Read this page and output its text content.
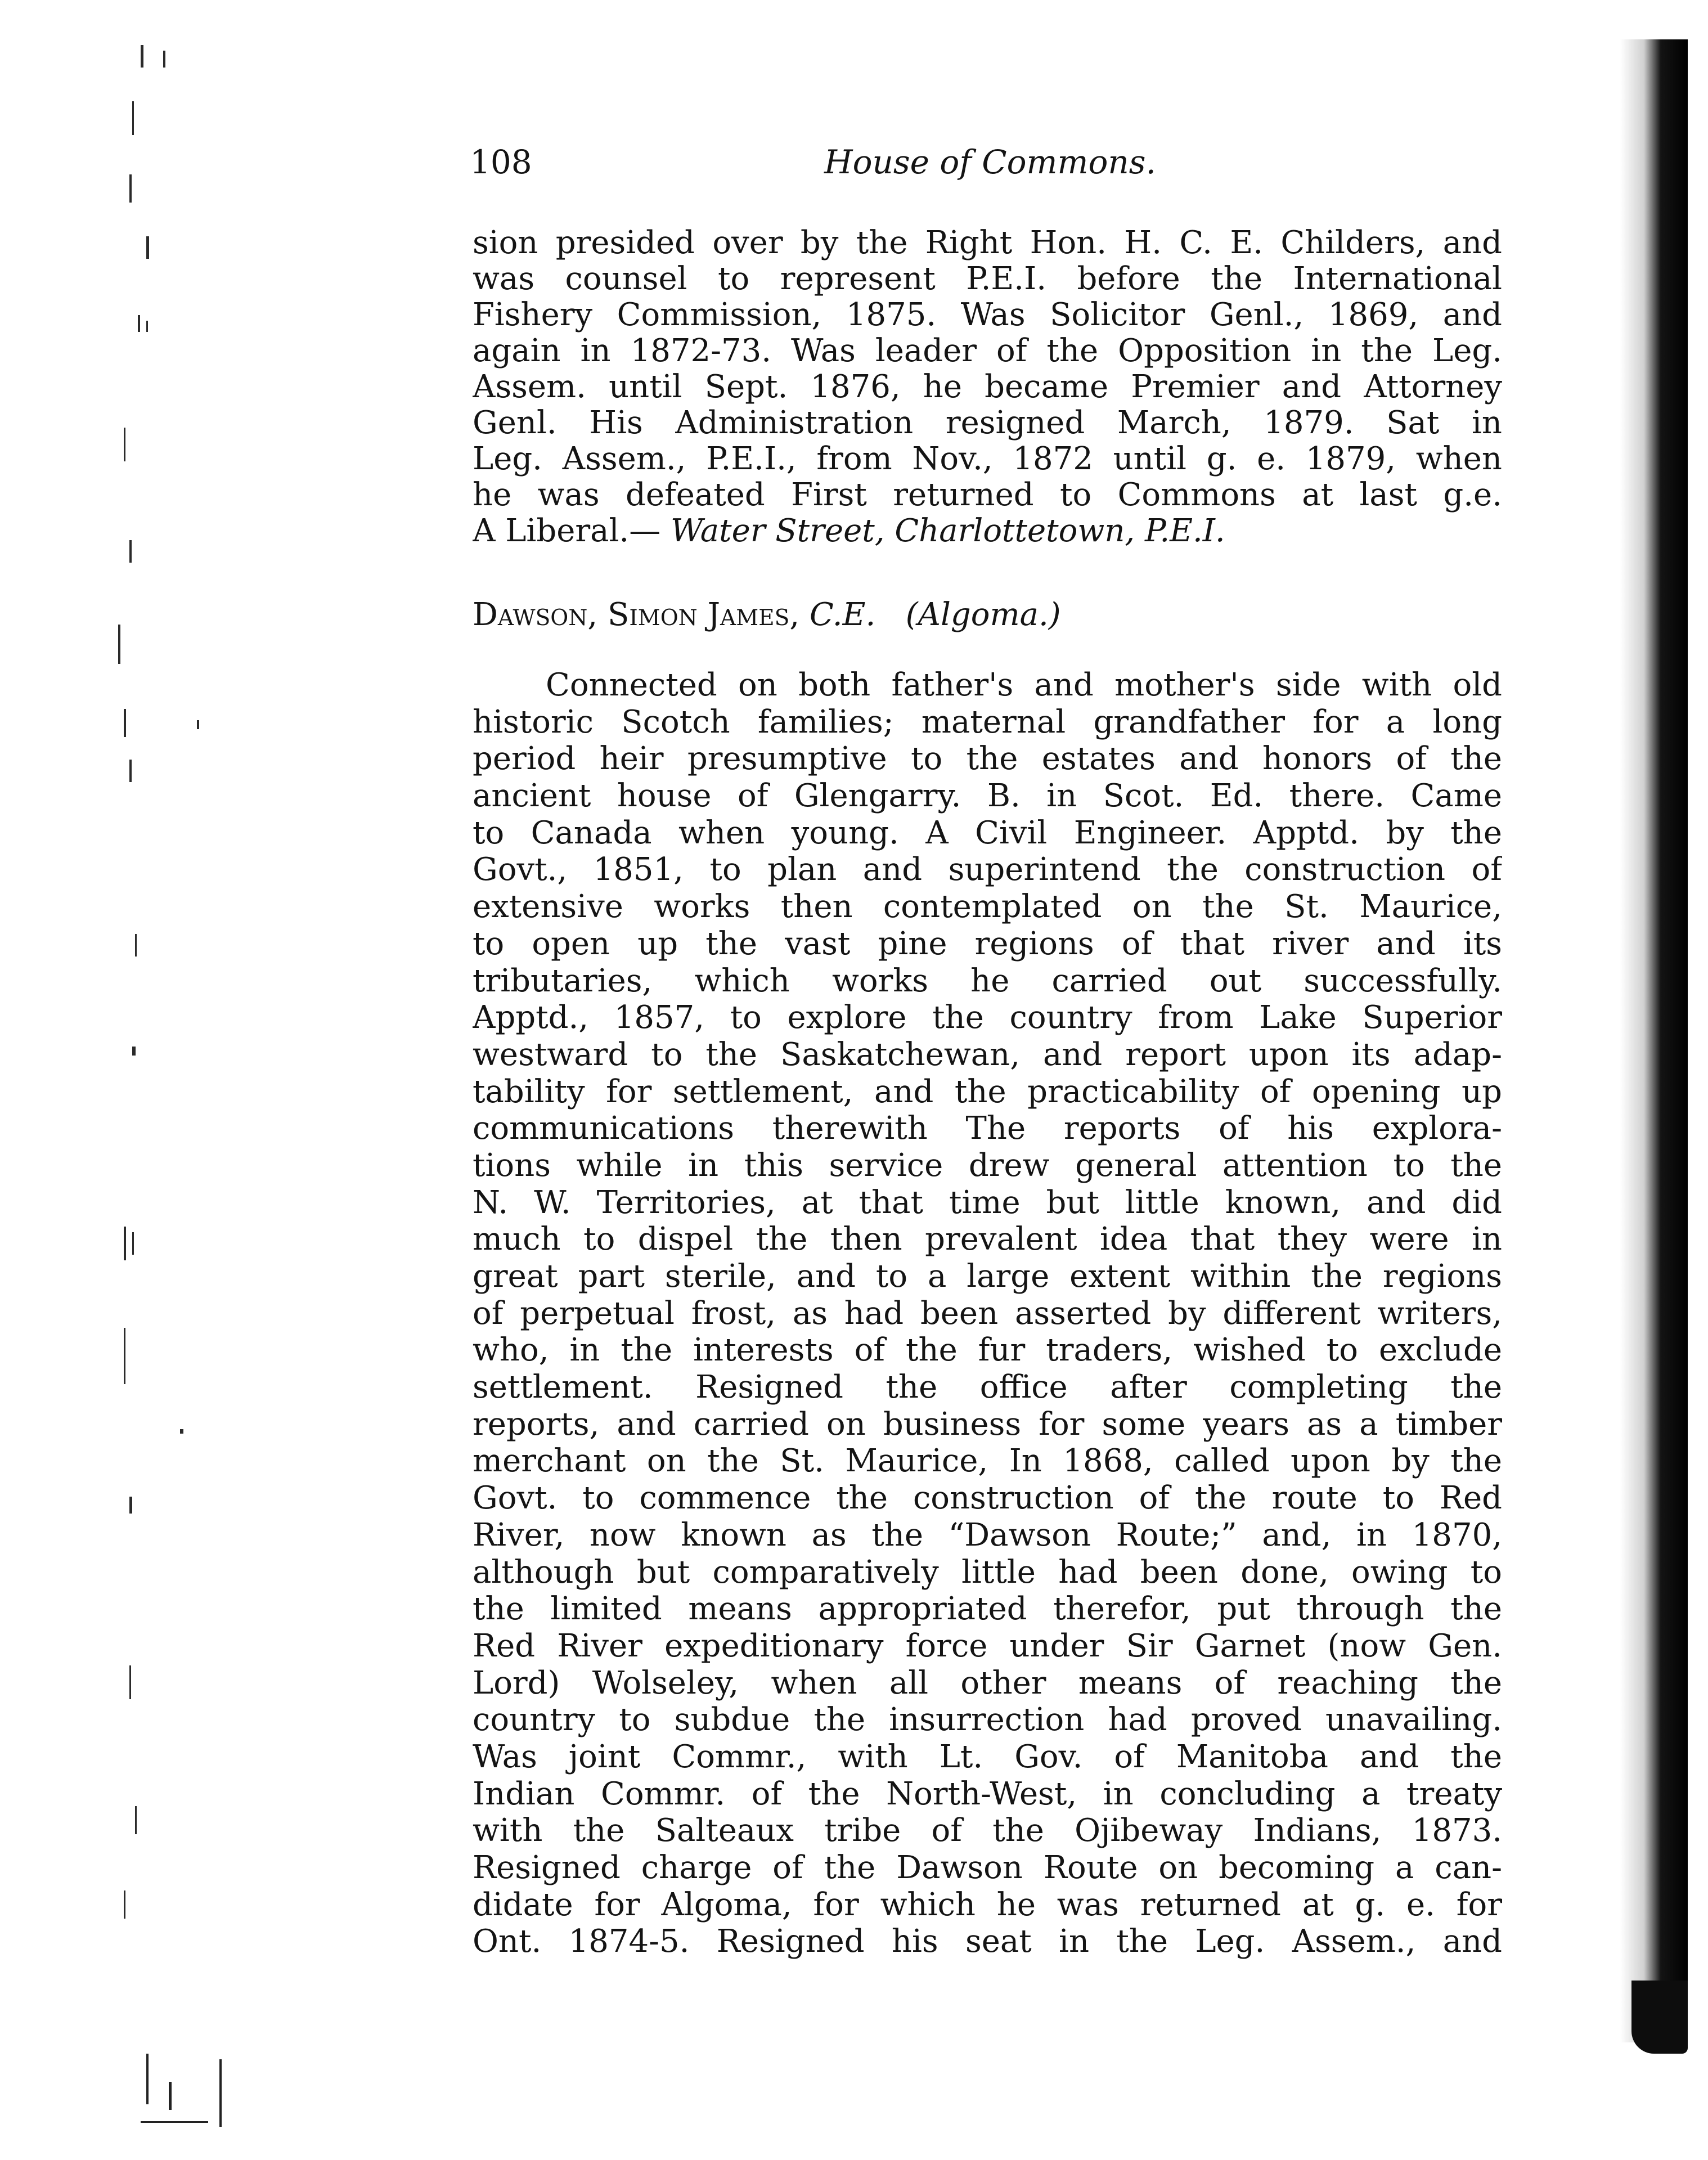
108	House of Commons.
sion presided over by the Right Hon. H. C. E. Childers, and
was counsel to represent P.E.I. before the International
Fishery Commission, 1875. Was Solicitor Genl., 1869, and
again in 1872-73. Was leader of the Opposition in the Leg.
Assem. until Sept. 1876, he became Premier and Attorney
Genl. His Administration resigned March, 1879. Sat in
Leg. Assem., P.E.I., from Nov., 1872 until g. e. 1879, when
he was defeated First returned to Commons at last g.e.
A Liberal.— Water Street, Charlottetown, P.E.I.
Dawson, Simon James, C.E. (Algoma.)
Connected on both father's and mother's side with old
historic Scotch families; maternal grandfather for a long
period heir presumptive to the estates and honors of the
ancient house of Glengarry. B. in Scot. Ed. there. Came
to Canada when young. A Civil Engineer. Apptd. by the
Govt., 1851, to plan and superintend the construction of
extensive works then contemplated on the St. Maurice,
to open up the vast pine regions of that river and its
tributaries, which works he carried out successfully.
Apptd., 1857, to explore the country from Lake Superior
westward to the Saskatchewan, and report upon its adap-
tability for settlement, and the practicability of opening up
communications therewith The reports of his explora-
tions while in this service drew general attention to the
N. W. Territories, at that time but little known, and did
much to dispel the then prevalent idea that they were in
great part sterile, and to a large extent within the regions
of perpetual frost, as had been asserted by different writers,
who, in the interests of the fur traders, wished to exclude
settlement. Resigned the office after completing the
reports, and carried on business for some years as a timber
merchant on the St. Maurice, In 1868, called upon by the
Govt. to commence the construction of the route to Red
River, now known as the “Dawson Route;” and, in 1870,
although but comparatively little had been done, owing to
the limited means appropriated therefor, put through the
Red River expeditionary force under Sir Garnet (now Gen.
Lord) Wolseley, when all other means of reaching the
country to subdue the insurrection had proved unavailing.
Was joint Commr., with Lt. Gov. of Manitoba and the
Indian Commr. of the North-West, in concluding a treaty
with the Salteaux tribe of the Ojibeway Indians, 1873.
Resigned charge of the Dawson Route on becoming a can-
didate for Algoma, for which he was returned at g. e. for
Ont. 1874-5. Resigned his seat in the Leg. Assem., and
